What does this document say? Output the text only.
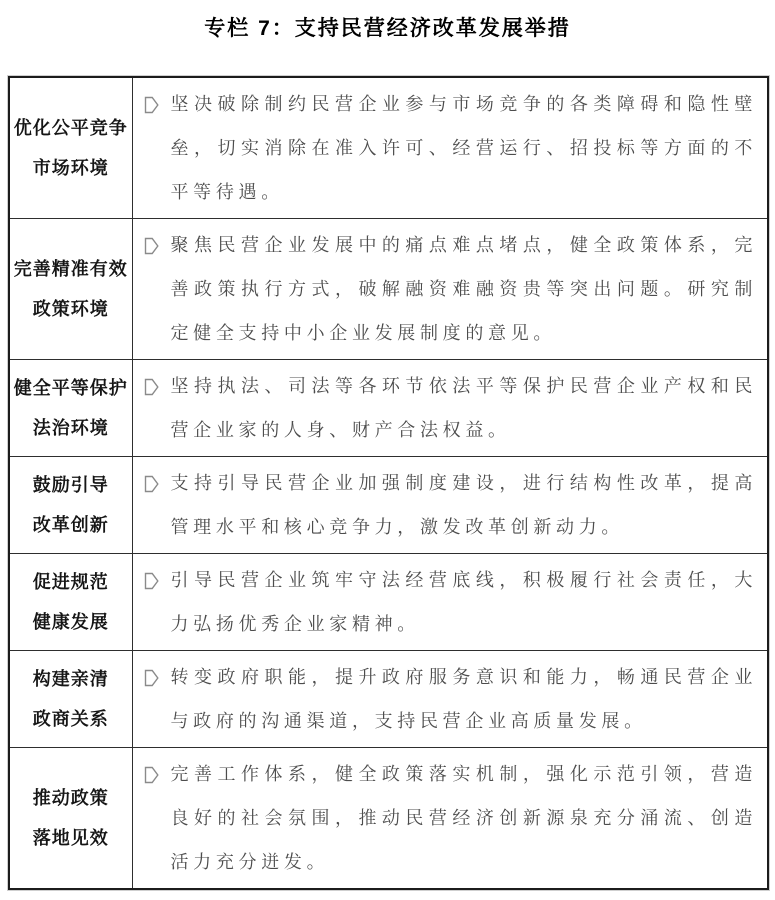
专栏 7：支持民营经济改革发展举措
优化公平竞争
市场环境	坚决破除制约民营企业参与市场竞争的各类障碍和隐性壁垒，切实消除在准入许可、经营运行、招投标等方面的不平等待遇。

完善精准有效
政策环境	聚焦民营企业发展中的痛点难点堵点，健全政策体系，完善政策执行方式，破解融资难融资贵等突出问题。研究制定健全支持中小企业发展制度的意见。

健全平等保护
法治环境	坚持执法、司法等各环节依法平等保护民营企业产权和民营企业家的人身、财产合法权益。

鼓励引导
改革创新	支持引导民营企业加强制度建设，进行结构性改革，提高管理水平和核心竞争力，激发改革创新动力。

促进规范
健康发展	引导民营企业筑牢守法经营底线，积极履行社会责任，大力弘扬优秀企业家精神。

构建亲清
政商关系	转变政府职能，提升政府服务意识和能力，畅通民营企业与政府的沟通渠道，支持民营企业高质量发展。

推动政策
落地见效	完善工作体系，健全政策落实机制，强化示范引领，营造良好的社会氛围，推动民营经济创新源泉充分涌流、创造活力充分迸发。
